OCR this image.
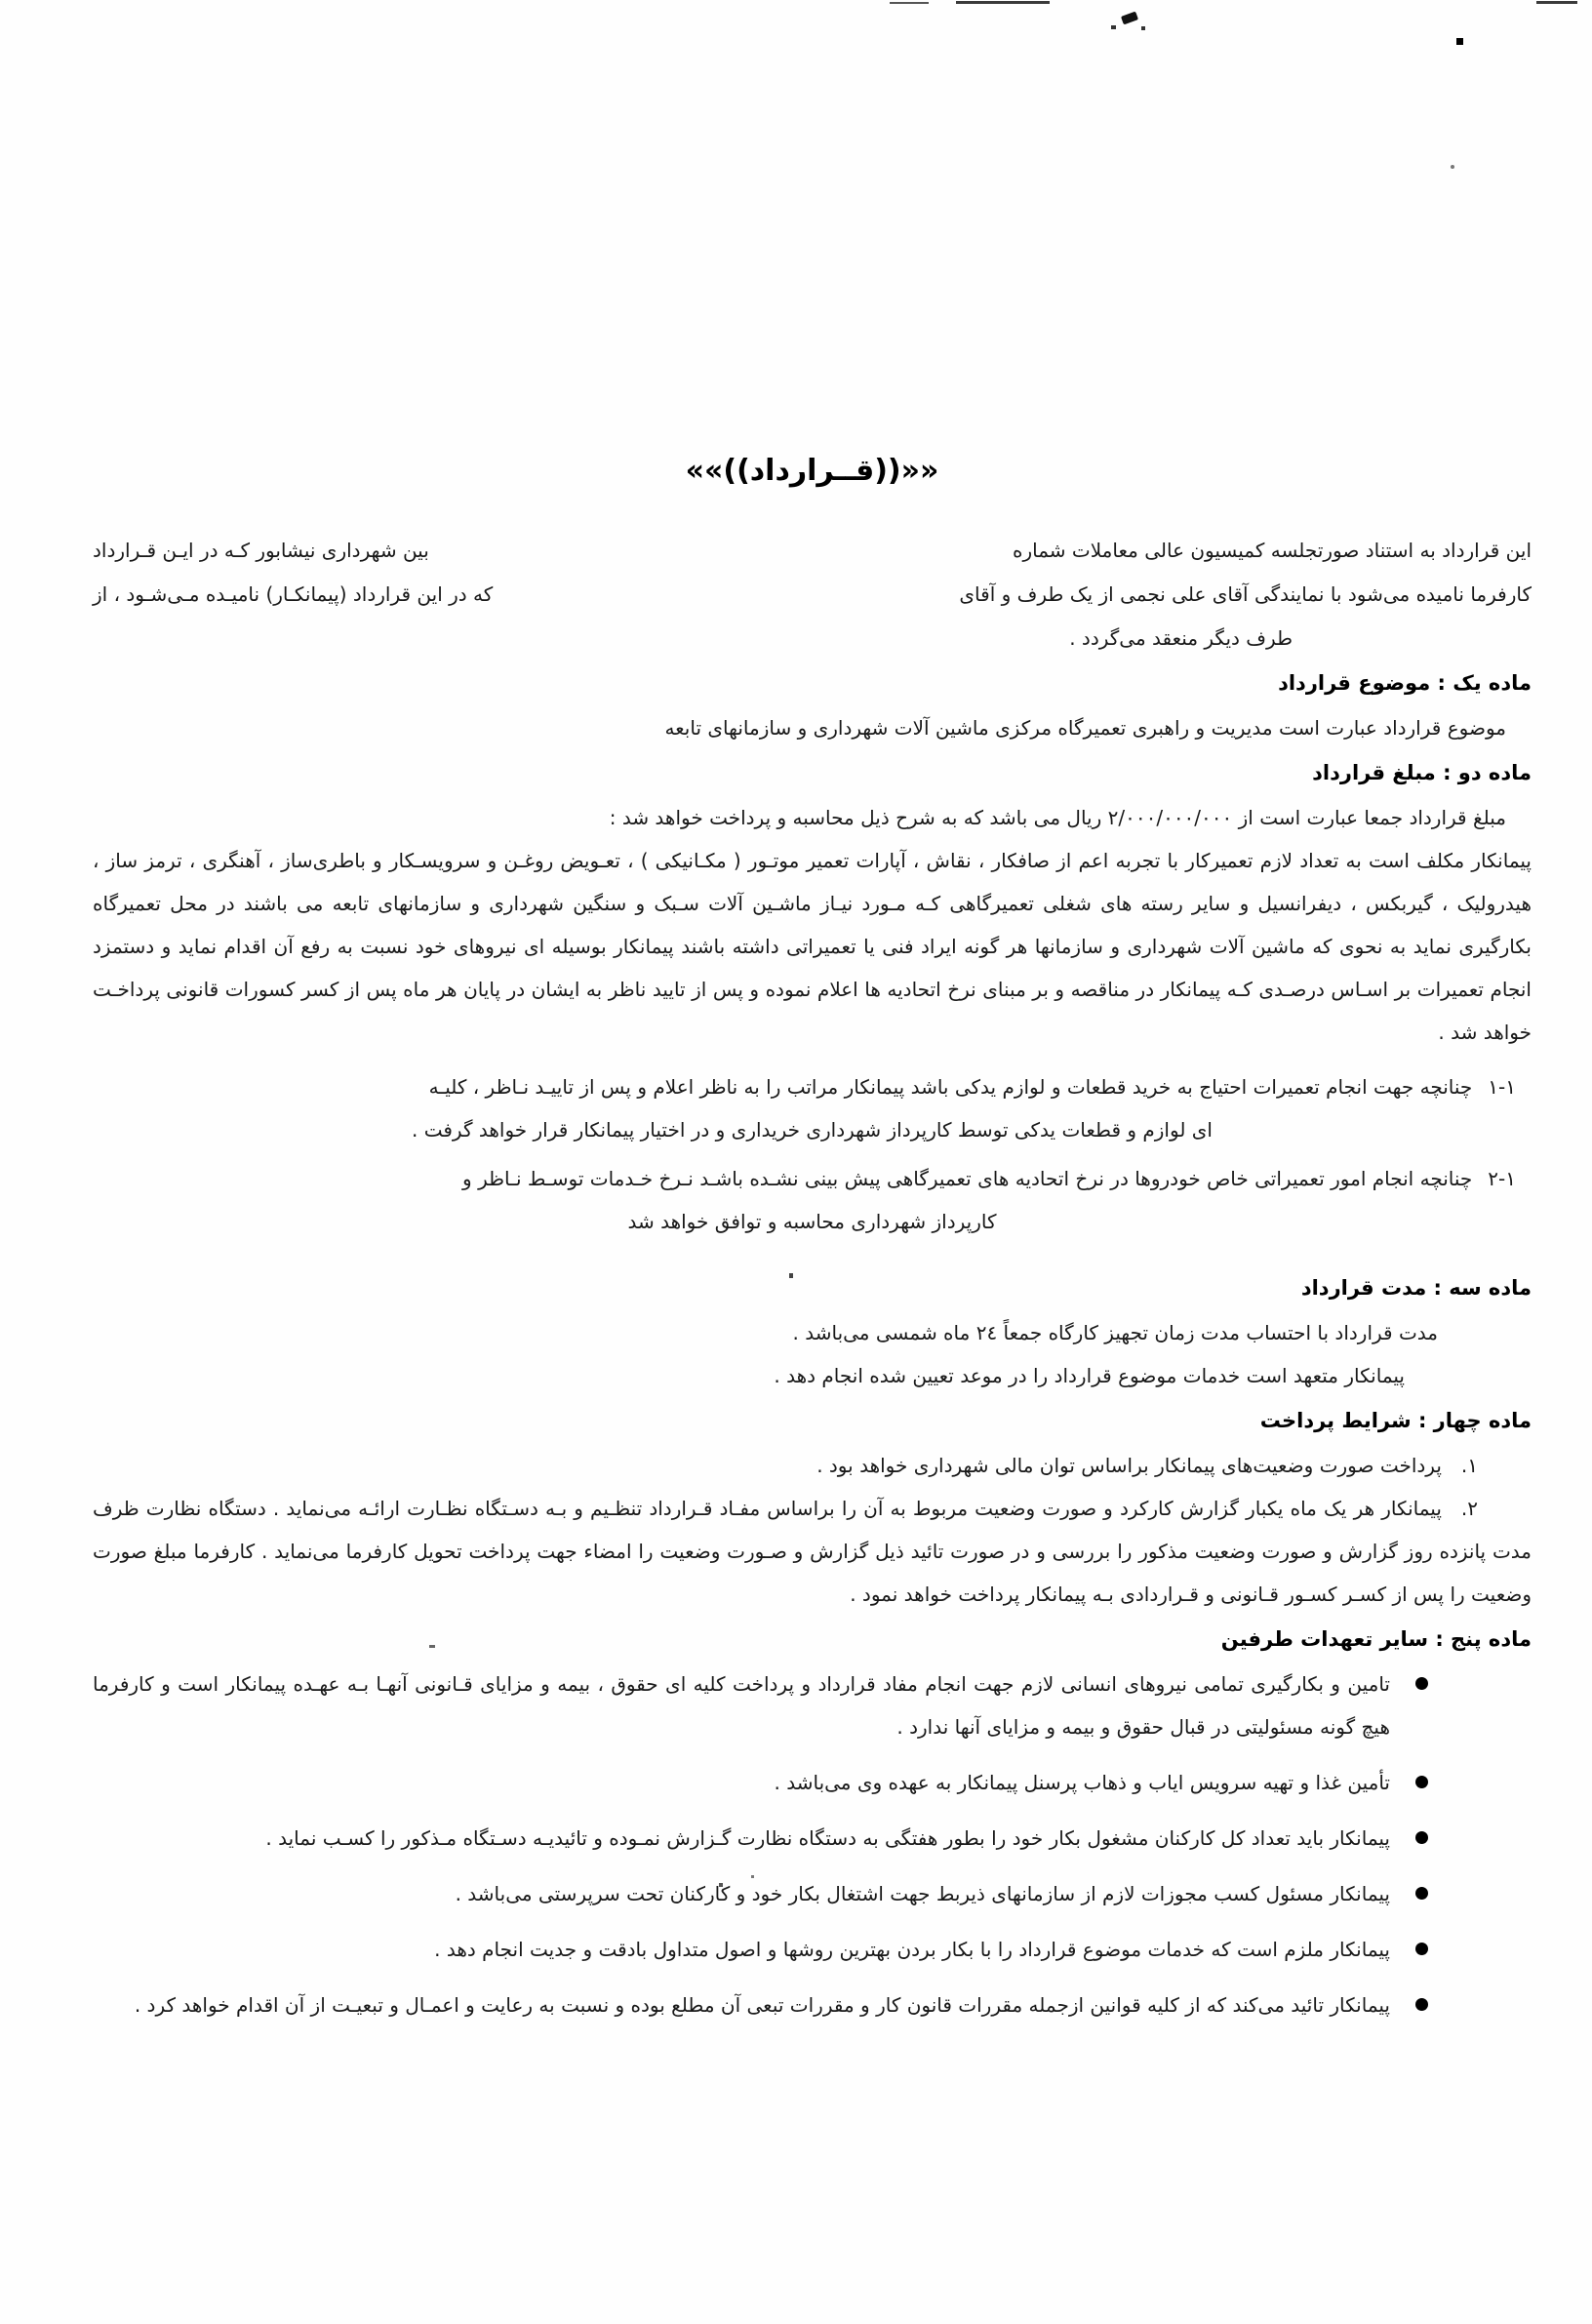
««((قــرارداد))»»
این قرارداد به استناد صورتجلسه کمیسیون عالی معاملات شماره
بین شهرداری نیشابور کـه در ایـن قـرارداد
کارفرما نامیده می‌شود با نمایندگی آقای علی نجمی از یک طرف و آقای
که در این قرارداد (پیمانکـار) نامیـده مـی‌شـود ، از
طرف دیگر منعقد می‌گردد .
ماده یک : موضوع قرارداد
موضوع قرارداد عبارت است مدیریت و راهبری تعمیرگاه مرکزی ماشین آلات شهرداری و سازمانهای تابعه
ماده دو : مبلغ قرارداد
مبلغ قرارداد جمعا عبارت است از ۲/۰۰۰/۰۰۰/۰۰۰ ریال می باشد که به شرح ذیل محاسبه و پرداخت خواهد شد :
پیمانکار مکلف است به تعداد لازم تعمیرکار با تجربه اعم از صافکار ، نقاش ، آپارات تعمیر موتـور ( مکـانیکی ) ، تعـویض روغـن و سرویسـکار و باطری‌ساز ، آهنگری ، ترمز ساز ، هیدرولیک ، گیربکس ، دیفرانسیل و سایر رسته های شغلی تعمیرگاهی کـه مـورد نیـاز ماشـین آلات سـبک و سنگین شهرداری و سازمانهای تابعه می باشند در محل تعمیرگاه بکارگیری نماید به نحوی که ماشین آلات شهرداری و سازمانها هر گونه ایراد فنی یا تعمیراتی داشته باشند پیمانکار بوسیله ای نیروهای خود نسبت به رفع آن اقدام نماید و دستمزد انجام تعمیرات بر اسـاس درصـدی کـه پیمانکار در مناقصه و بر مبنای نرخ اتحادیه ها اعلام نموده و پس از تایید ناظر به ایشان در پایان هر ماه پس از کسر کسورات قانونی پرداخـت خواهد شد .
۱-۱چنانچه جهت انجام تعمیرات احتیاج به خرید قطعات و لوازم یدکی باشد پیمانکار مراتب را به ناظر اعلام و پس از تاییـد نـاظر ، کلیـه
ای لوازم و قطعات یدکی توسط کارپرداز شهرداری خریداری و در اختیار پیمانکار قرار خواهد گرفت .
۲-۱چنانچه انجام امور تعمیراتی خاص خودروها در نرخ اتحادیه های تعمیرگاهی پیش بینی نشـده باشـد نـرخ خـدمات توسـط نـاظر و
کارپرداز شهرداری محاسبه و توافق خواهد شد
ماده سه : مدت قرارداد
مدت قرارداد با احتساب مدت زمان تجهیز کارگاه جمعاً ۲٤ ماه شمسی می‌باشد .
پیمانکار متعهد است خدمات موضوع قرارداد را در موعد تعیین شده انجام دهد .
ماده چهار : شرایط پرداخت
۱.پرداخت صورت وضعیت‌های پیمانکار براساس توان مالی شهرداری خواهد بود .
۲.پیمانکار هر یک ماه یکبار گزارش کارکرد و صورت وضعیت مربوط به آن را براساس مفـاد قـرارداد تنظـیم و بـه دسـتگاه نظـارت ارائـه می‌نماید . دستگاه نظارت ظرف مدت پانزده روز گزارش و صورت وضعیت مذکور را بررسی و در صورت تائید ذیل گزارش و صـورت وضعیت را امضاء جهت پرداخت تحویل کارفرما می‌نماید . کارفرما مبلغ صورت وضعیت را پس از کسـر کسـور قـانونی و قـراردادی بـه پیمانکار پرداخت خواهد نمود .
ماده پنج : سایر تعهدات طرفین
تامین و بکارگیری تمامی نیروهای انسانی لازم جهت انجام مفاد قرارداد و پرداخت کلیه ای حقوق ، بیمه و مزایای قـانونی آنهـا بـه عهـده پیمانکار است و کارفرما هیچ گونه مسئولیتی در قبال حقوق و بیمه و مزایای آنها ندارد .
تأمین غذا و تهیه سرویس ایاب و ذهاب پرسنل پیمانکار به عهده وی می‌باشد .
پیمانکار باید تعداد کل کارکنان مشغول بکار خود را بطور هفتگی به دستگاه نظارت گـزارش نمـوده و تائیدیـه دسـتگاه مـذکور را کسـب نماید .
پیمانکار مسئول کسب مجوزات لازم از سازمانهای ذیربط جهت اشتغال بکار خود و کارکنان تحت سرپرستی می‌باشد .
پیمانکار ملزم است که خدمات موضوع قرارداد را با بکار بردن بهترین روشها و اصول متداول بادقت و جدیت انجام دهد .
پیمانکار تائید می‌کند که از کلیه قوانین ازجمله مقررات قانون کار و مقررات تبعی آن مطلع بوده و نسبت به رعایت و اعمـال و تبعیـت از آن اقدام خواهد کرد .
